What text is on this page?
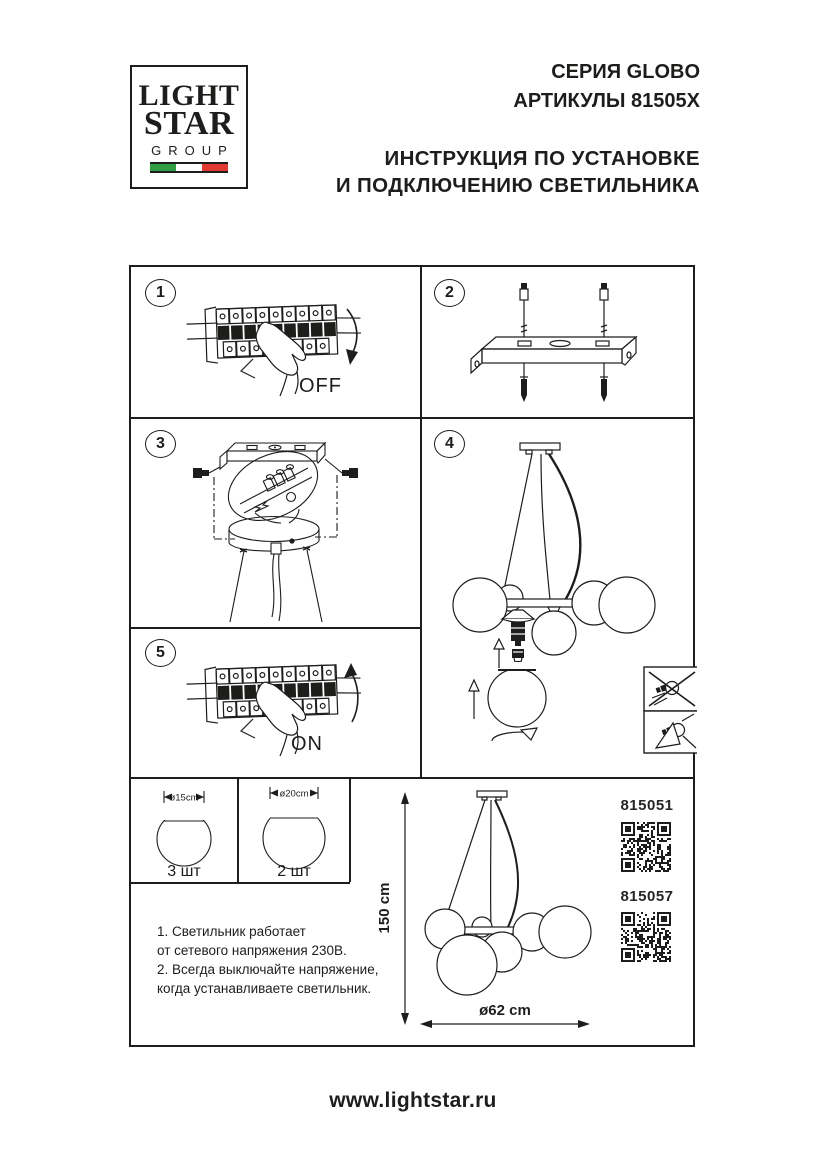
LIGHT
STAR
GROUP
СЕРИЯ GLOBO
АРТИКУЛЫ 81505X
ИНСТРУКЦИЯ ПО УСТАНОВКЕ
И ПОДКЛЮЧЕНИЮ СВЕТИЛЬНИКА
1	2
3	4
5
OFF
ON
ø15cm
3 шт
ø20cm
2 шт
150 cm
ø62 cm
1. Светильник работает
от сетевого напряжения 230В.
2. Всегда выключайте напряжение,
когда устанавливаете светильник.
815051
815057
www.lightstar.ru
